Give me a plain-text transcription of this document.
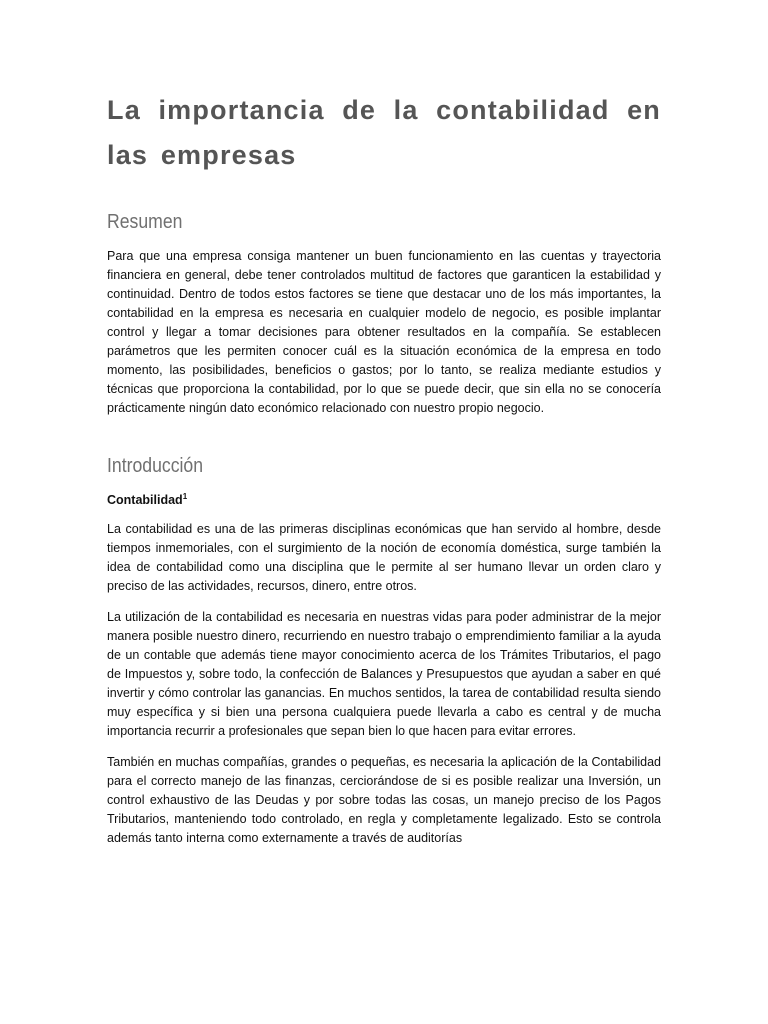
La importancia de la contabilidad en las empresas
Resumen

Para que una empresa consiga mantener un buen funcionamiento en las cuentas y trayectoria financiera en general, debe tener controlados multitud de factores que garanticen la estabilidad y continuidad. Dentro de todos estos factores se tiene que destacar uno de los más importantes, la contabilidad en la empresa es necesaria en cualquier modelo de negocio, es posible implantar control y llegar a tomar decisiones para obtener resultados en la compañía. Se establecen parámetros que les permiten conocer cuál es la situación económica de la empresa en todo momento, las posibilidades, beneficios o gastos; por lo tanto, se realiza mediante estudios y técnicas que proporciona la contabilidad, por lo que se puede decir, que sin ella no se conocería prácticamente ningún dato económico relacionado con nuestro propio negocio.

Introducción

Contabilidad$^1$

La contabilidad es una de las primeras disciplinas económicas que han servido al hombre, desde tiempos inmemoriales, con el surgimiento de la noción de economía doméstica, surge también la idea de contabilidad como una disciplina que le permite al ser humano llevar un orden claro y preciso de las actividades, recursos, dinero, entre otros.

La utilización de la contabilidad es necesaria en nuestras vidas para poder administrar de la mejor manera posible nuestro dinero, recurriendo en nuestro trabajo o emprendimiento familiar a la ayuda de un contable que además tiene mayor conocimiento acerca de los Trámites Tributarios, el pago de Impuestos y, sobre todo, la confección de Balances y Presupuestos que ayudan a saber en qué invertir y cómo controlar las ganancias. En muchos sentidos, la tarea de contabilidad resulta siendo muy específica y si bien una persona cualquiera puede llevarla a cabo es central y de mucha importancia recurrir a profesionales que sepan bien lo que hacen para evitar errores.

También en muchas compañías, grandes o pequeñas, es necesaria la aplicación de la Contabilidad para el correcto manejo de las finanzas, cerciorándose de si es posible realizar una Inversión, un control exhaustivo de las Deudas y por sobre todas las cosas, un manejo preciso de los Pagos Tributarios, manteniendo todo controlado, en regla y completamente legalizado. Esto se controla además tanto interna como externamente a través de auditorías
